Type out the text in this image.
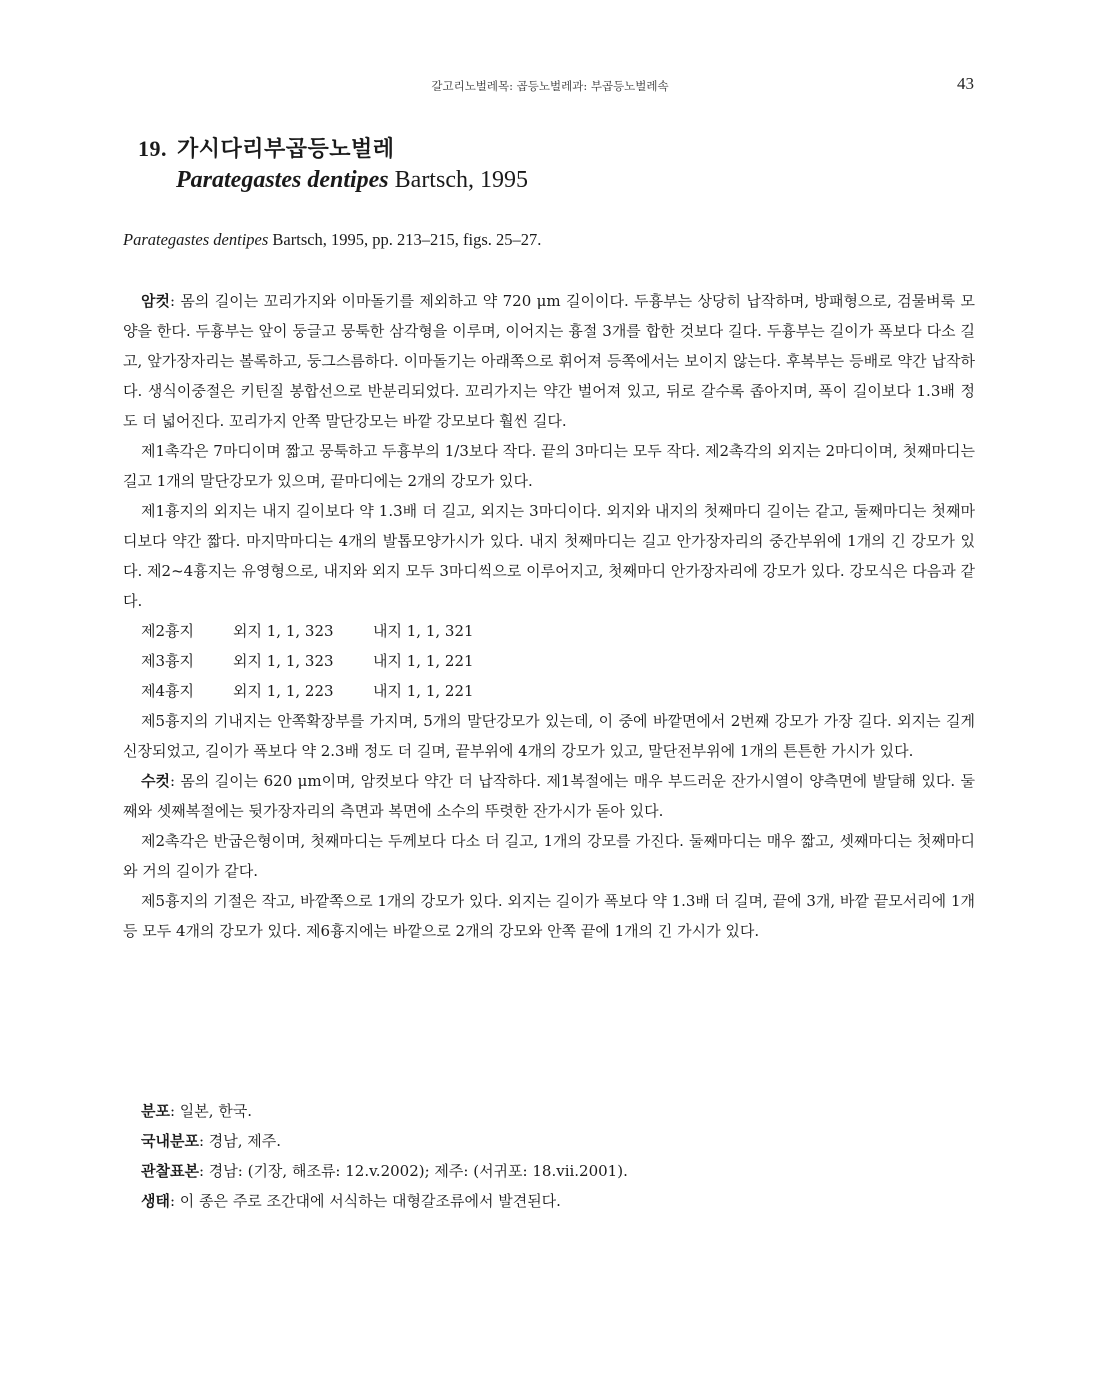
갈고리노벌레목: 곱등노벌레과: 부곱등노벌레속	43
19. 가시다리부곱등노벌레
Parategastes dentipes Bartsch, 1995
Parategastes dentipes Bartsch, 1995, pp. 213–215, figs. 25–27.

암컷: 몸의 길이는 꼬리가지와 이마돌기를 제외하고 약 720 μm 길이이다. 두흉부는 상당히 납작하며, 방패형으로, 검물벼룩 모양을 한다. 두흉부는 앞이 둥글고 뭉툭한 삼각형을 이루며, 이어지는 흉절 3개를 합한 것보다 길다. 두흉부는 길이가 폭보다 다소 길고, 앞가장자리는 볼록하고, 둥그스름하다. 이마돌기는 아래쪽으로 휘어져 등쪽에서는 보이지 않는다. 후복부는 등배로 약간 납작하다. 생식이중절은 키틴질 봉합선으로 반분리되었다. 꼬리가지는 약간 벌어져 있고, 뒤로 갈수록 좁아지며, 폭이 길이보다 1.3배 정도 더 넓어진다. 꼬리가지 안쪽 말단강모는 바깥 강모보다 훨씬 길다.

제1촉각은 7마디이며 짧고 뭉툭하고 두흉부의 1/3보다 작다. 끝의 3마디는 모두 작다. 제2촉각의 외지는 2마디이며, 첫째마디는 길고 1개의 말단강모가 있으며, 끝마디에는 2개의 강모가 있다.

제1흉지의 외지는 내지 길이보다 약 1.3배 더 길고, 외지는 3마디이다. 외지와 내지의 첫째마디 길이는 같고, 둘째마디는 첫째마디보다 약간 짧다. 마지막마디는 4개의 발톱모양가시가 있다. 내지 첫째마디는 길고 안가장자리의 중간부위에 1개의 긴 강모가 있다. 제2~4흉지는 유영형으로, 내지와 외지 모두 3마디씩으로 이루어지고, 첫째마디 안가장자리에 강모가 있다. 강모식은 다음과 같다.

제2흉지	외지 1, 1, 323	내지 1, 1, 321
제3흉지	외지 1, 1, 323	내지 1, 1, 221
제4흉지	외지 1, 1, 223	내지 1, 1, 221

제5흉지의 기내지는 안쪽확장부를 가지며, 5개의 말단강모가 있는데, 이 중에 바깥면에서 2번째 강모가 가장 길다. 외지는 길게 신장되었고, 길이가 폭보다 약 2.3배 정도 더 길며, 끝부위에 4개의 강모가 있고, 말단전부위에 1개의 튼튼한 가시가 있다.

수컷: 몸의 길이는 620 μm이며, 암컷보다 약간 더 납작하다. 제1복절에는 매우 부드러운 잔가시열이 양측면에 발달해 있다. 둘째와 셋째복절에는 뒷가장자리의 측면과 복면에 소수의 뚜렷한 잔가시가 돋아 있다.

제2촉각은 반굽은형이며, 첫째마디는 두께보다 다소 더 길고, 1개의 강모를 가진다. 둘째마디는 매우 짧고, 셋째마디는 첫째마디와 거의 길이가 같다.

제5흉지의 기절은 작고, 바깥쪽으로 1개의 강모가 있다. 외지는 길이가 폭보다 약 1.3배 더 길며, 끝에 3개, 바깥 끝모서리에 1개 등 모두 4개의 강모가 있다. 제6흉지에는 바깥으로 2개의 강모와 안쪽 끝에 1개의 긴 가시가 있다.

분포: 일본, 한국.
국내분포: 경남, 제주.
관찰표본: 경남: (기장, 해조류: 12.v.2002); 제주: (서귀포: 18.vii.2001).
생태: 이 종은 주로 조간대에 서식하는 대형갈조류에서 발견된다.
